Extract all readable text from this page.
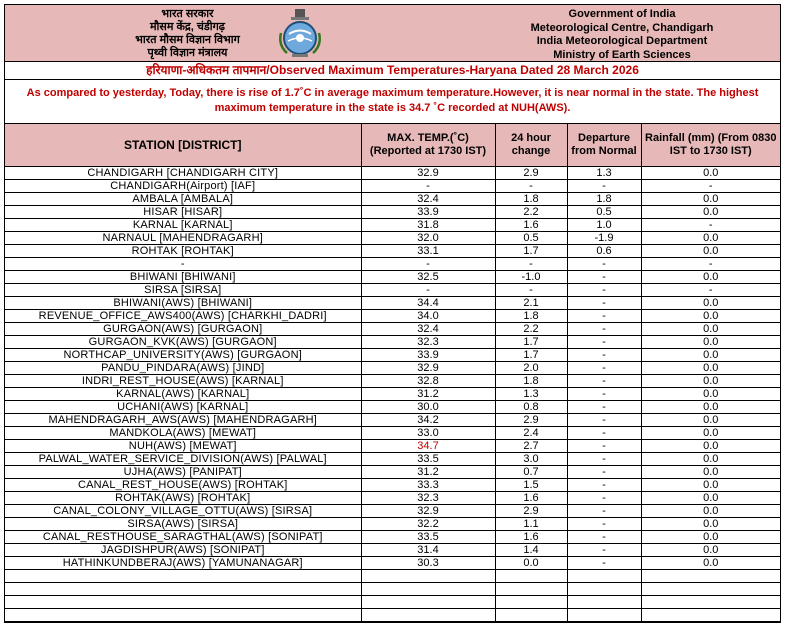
भारत सरकार
मौसम केंद्र, चंडीगढ़
भारत मौसम विज्ञान विभाग
पृथ्वी विज्ञान मंत्रालय
Government of India
Meteorological Centre, Chandigarh
India Meteorological Department
Ministry of Earth Sciences
हरियाणा-अधिकतम तापमान/Observed Maximum Temperatures-Haryana Dated 28 March 2026
As compared to yesterday, Today, there is rise of 1.7˚C in average maximum temperature.However, it is near normal in the state. The highest maximum temperature in the state is 34.7 ˚C recorded at NUH(AWS).
STATION [DISTRICT]	MAX. TEMP.(˚C) (Reported at 1730 IST)	24 hour change	Departure from Normal	Rainfall (mm) (From 0830 IST to 1730 IST)
CHANDIGARH [CHANDIGARH CITY]	32.9	2.9	1.3	0.0
CHANDIGARH(Airport) [IAF]	-	-	-	-
AMBALA [AMBALA]	32.4	1.8	1.8	0.0
HISAR [HISAR]	33.9	2.2	0.5	0.0
KARNAL [KARNAL]	31.8	1.6	1.0	-
NARNAUL [MAHENDRAGARH]	32.0	0.5	-1.9	0.0
ROHTAK [ROHTAK]	33.1	1.7	0.6	0.0
-	-	-	-	-
BHIWANI [BHIWANI]	32.5	-1.0	-	0.0
SIRSA [SIRSA]	-	-	-	-
BHIWANI(AWS) [BHIWANI]	34.4	2.1	-	0.0
REVENUE_OFFICE_AWS400(AWS) [CHARKHI_DADRI]	34.0	1.8	-	0.0
GURGAON(AWS) [GURGAON]	32.4	2.2	-	0.0
GURGAON_KVK(AWS) [GURGAON]	32.3	1.7	-	0.0
NORTHCAP_UNIVERSITY(AWS) [GURGAON]	33.9	1.7	-	0.0
PANDU_PINDARA(AWS) [JIND]	32.9	2.0	-	0.0
INDRI_REST_HOUSE(AWS) [KARNAL]	32.8	1.8	-	0.0
KARNAL(AWS) [KARNAL]	31.2	1.3	-	0.0
UCHANI(AWS) [KARNAL]	30.0	0.8	-	0.0
MAHENDRAGARH_AWS(AWS) [MAHENDRAGARH]	34.2	2.9	-	0.0
MANDKOLA(AWS) [MEWAT]	33.0	2.4	-	0.0
NUH(AWS) [MEWAT]	34.7	2.7	-	0.0
PALWAL_WATER_SERVICE_DIVISION(AWS) [PALWAL]	33.5	3.0	-	0.0
UJHA(AWS) [PANIPAT]	31.2	0.7	-	0.0
CANAL_REST_HOUSE(AWS) [ROHTAK]	33.3	1.5	-	0.0
ROHTAK(AWS) [ROHTAK]	32.3	1.6	-	0.0
CANAL_COLONY_VILLAGE_OTTU(AWS) [SIRSA]	32.9	2.9	-	0.0
SIRSA(AWS) [SIRSA]	32.2	1.1	-	0.0
CANAL_RESTHOUSE_SARAGTHAL(AWS) [SONIPAT]	33.5	1.6	-	0.0
JAGDISHPUR(AWS) [SONIPAT]	31.4	1.4	-	0.0
HATHINKUNDBERAJ(AWS) [YAMUNANAGAR]	30.3	0.0	-	0.0
